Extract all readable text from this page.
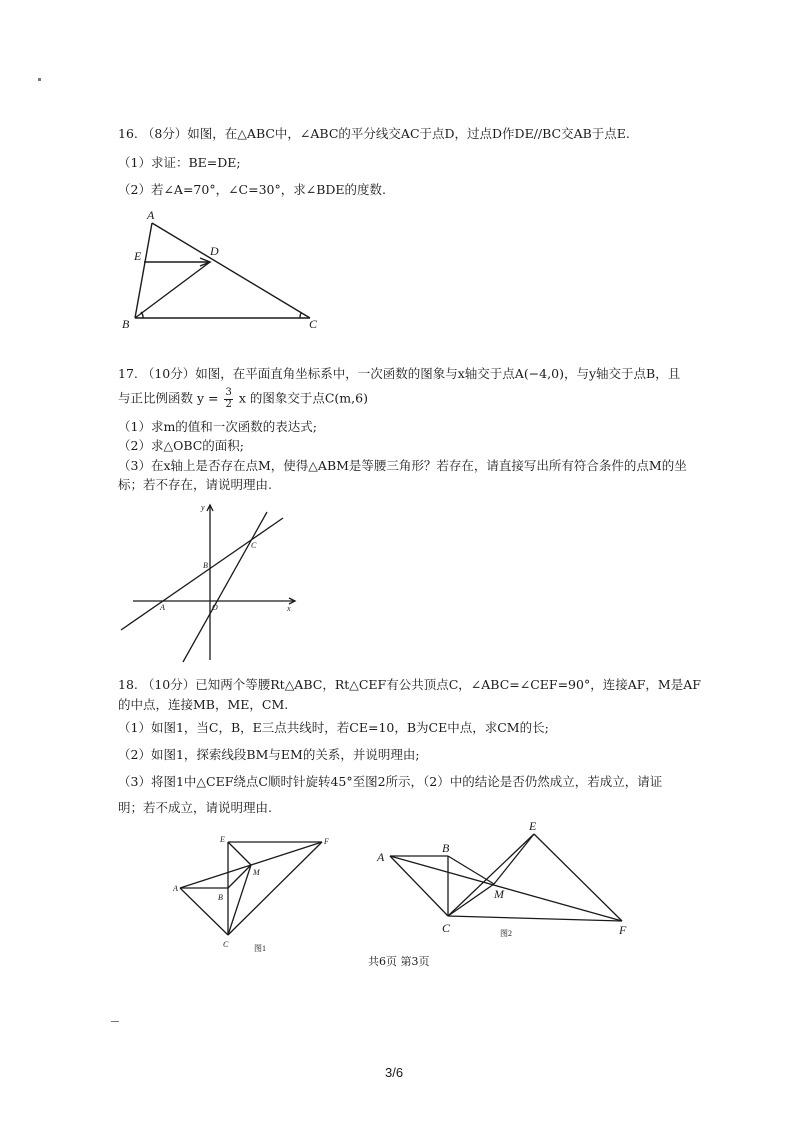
16. （8分）如图，在△ABC中，∠ABC的平分线交AC于点D，过点D作DE//BC交AB于点E.
（1）求证：BE=DE;
（2）若∠A=70°，∠C=30°，求∠BDE的度数.
A
E	D
B	C
17. （10分）如图，在平面直角坐标系中，一次函数的图象与x轴交于点A(−4,0)，与y轴交于点B，且
与正比例函数 $y = \frac{3}{2}$ x 的图象交于点C(m,6)
（1）求m的值和一次函数的表达式;
（2）求△OBC的面积;
（3）在x轴上是否存在点M，使得△ABM是等腰三角形？若存在，请直接写出所有符合条件的点M的坐
标；若不存在，请说明理由.
y
x
O
A
B
C
18. （10分）已知两个等腰Rt△ABC，Rt△CEF有公共顶点C，∠ABC=∠CEF=90°，连接AF，M是AF
的中点，连接MB，ME，CM.
（1）如图1，当C，B，E三点共线时，若CE=10，B为CE中点，求CM的长;
（2）如图1，探索线段BM与EM的关系，并说明理由;
（3）将图1中△CEF绕点C顺时针旋转45°至图2所示，（2）中的结论是否仍然成立，若成立，请证
明；若不成立，请说明理由.
E	F
M
A
B
C	图1
A
B
E
M
C	F
图2
共6页 第3页
3/6
